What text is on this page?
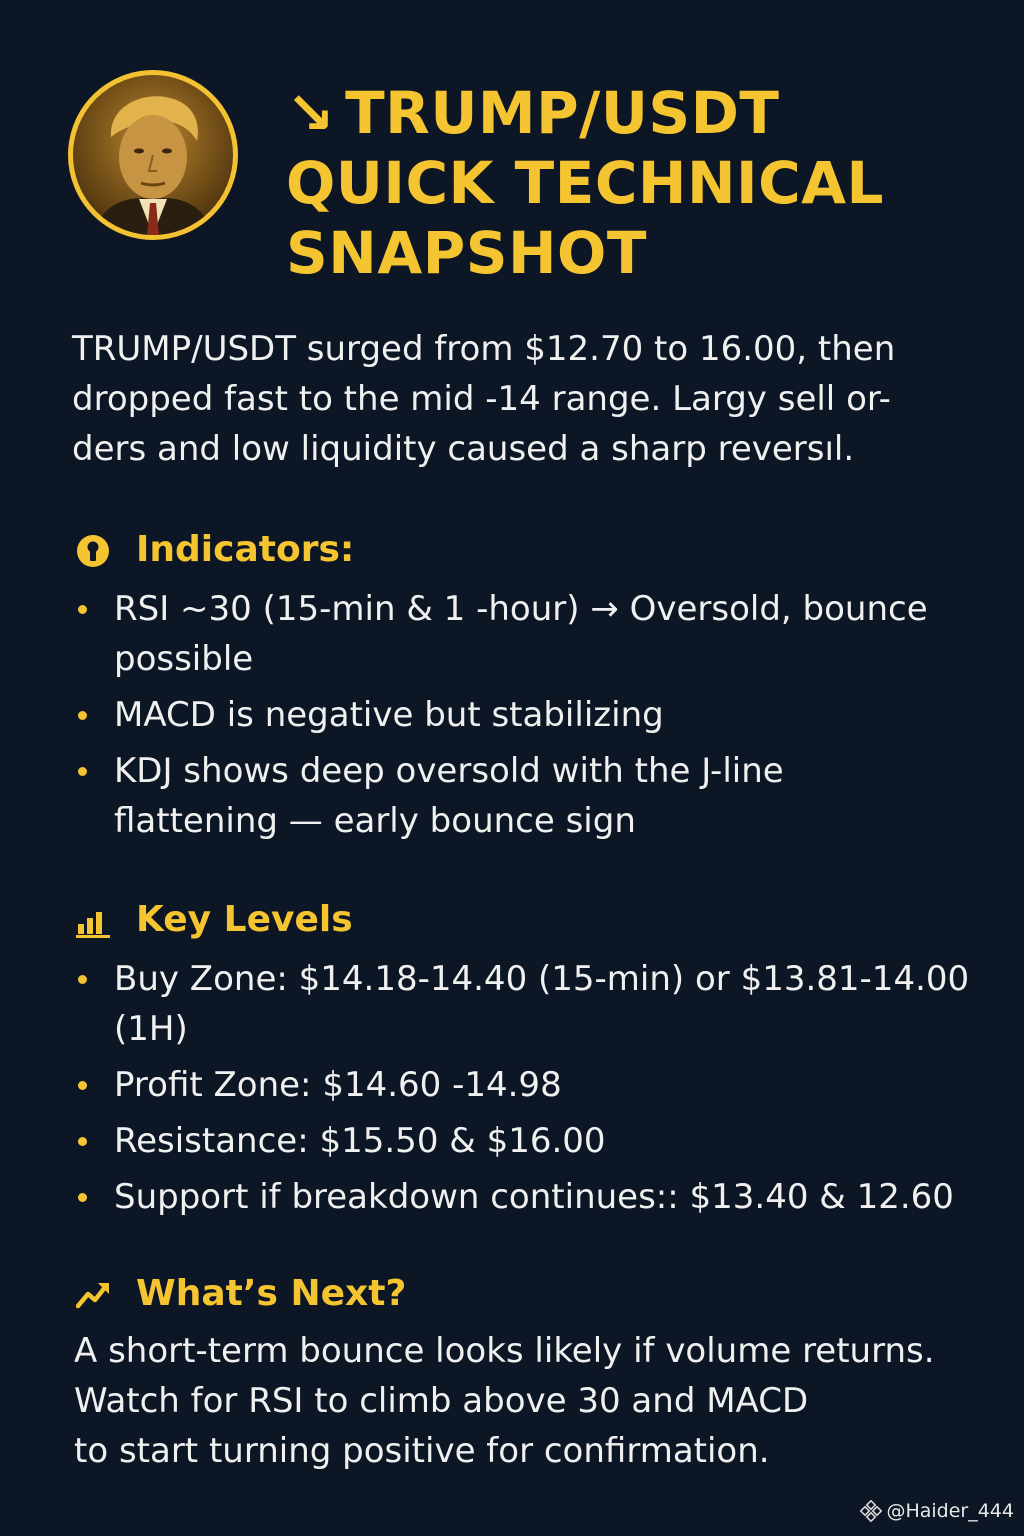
↘ TRUMP/USDT
QUICK TECHNICAL
SNAPSHOT
TRUMP/USDT surged from $12.70 to 16.00, then
dropped fast to the mid -14 range. Largy sell or-
ders and low liquidity caused a sharp reversıl.
Indicators:
RSI ~30 (15-min & 1 -hour) → Oversold, bounce
possible
MACD is negative but stabilizing
KDJ shows deep oversold with the J-line
flattening — early bounce sign
Key Levels
Buy Zone: $14.18-14.40 (15-min) or $13.81-14.00
(1H)
Profit Zone: $14.60 -14.98
Resistance: $15.50 & $16.00
Support if breakdown continues:: $13.40 & 12.60
What’s Next?
A short-term bounce looks likely if volume returns.
Watch for RSI to climb above 30 and MACD
to start turning positive for confirmation.
@Haider_444
